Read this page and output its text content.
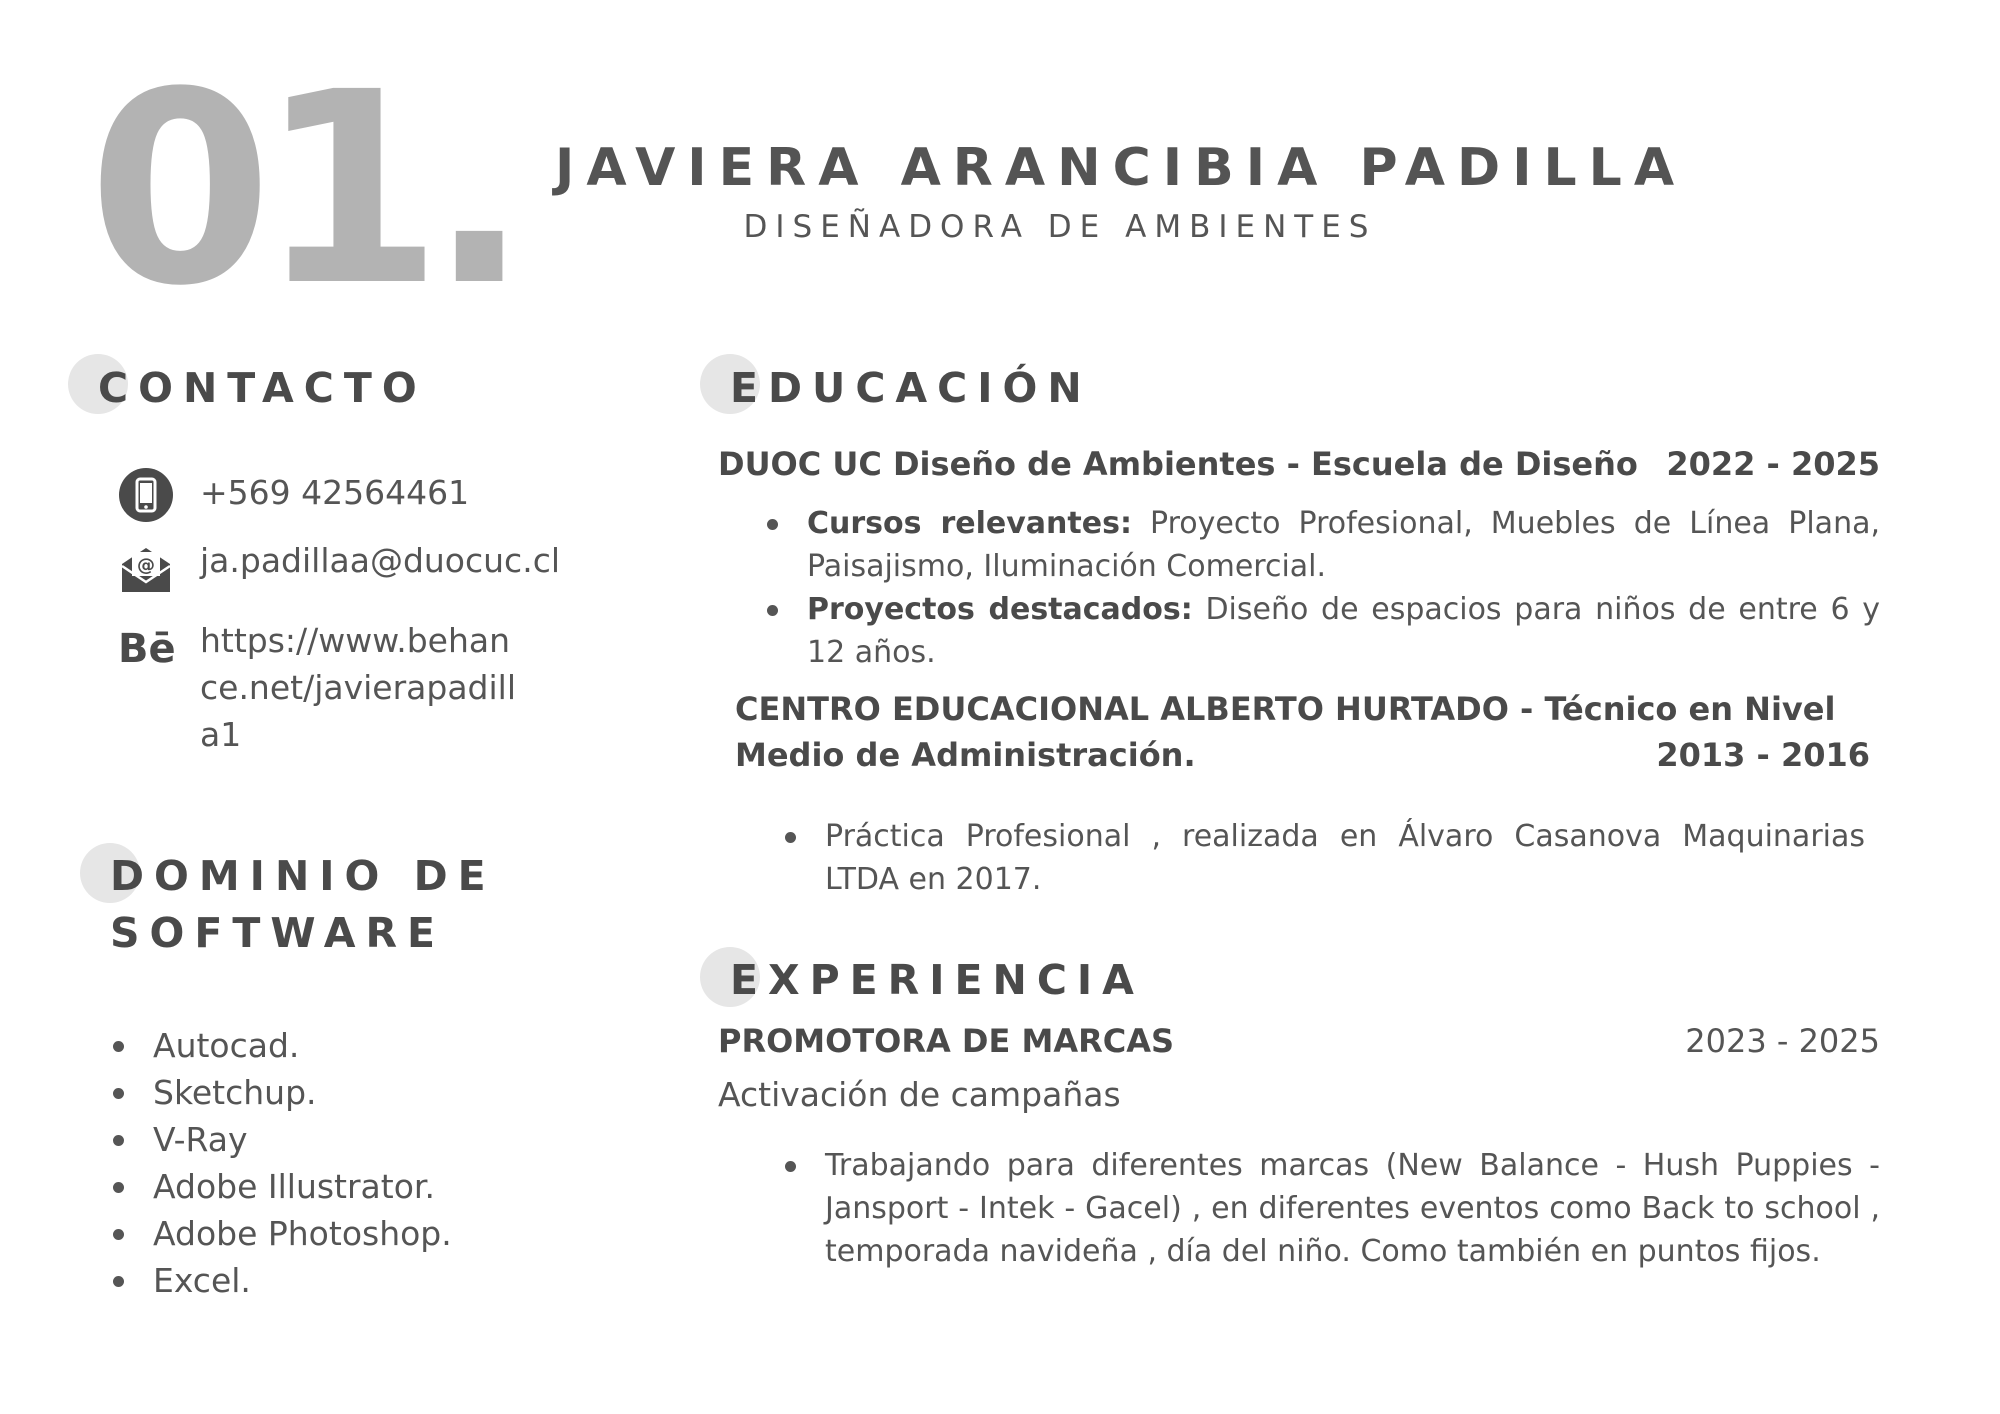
01. JAVIERA ARANCIBIA PADILLA
DISEÑADORA DE AMBIENTES
CONTACTO
+569 42564461
@ ja.padillaa@duocuc.cl
Bē https://www.behan
ce.net/javierapadill
a1
DOMINIO DE
SOFTWARE
Autocad.
Sketchup.
V-Ray
Adobe Illustrator.
Adobe Photoshop.
Excel.
EDUCACIÓN
DUOC UC Diseño de Ambientes - Escuela de Diseño 2022 - 2025
Cursos relevantes: Proyecto Profesional, Muebles de Línea Plana, Paisajismo, Iluminación Comercial.
Proyectos destacados: Diseño de espacios para niños de entre 6 y 12 años.
CENTRO EDUCACIONAL ALBERTO HURTADO - Técnico en Nivel
Medio de Administración.	2013 - 2016
Práctica Profesional , realizada en Álvaro Casanova Maquinarias LTDA en 2017.
EXPERIENCIA
PROMOTORA DE MARCAS	2023 - 2025
Activación de campañas
Trabajando para diferentes marcas (New Balance - Hush Puppies - Jansport - Intek - Gacel) , en diferentes eventos como Back to school , temporada navideña , día del niño. Como también en puntos fijos.
